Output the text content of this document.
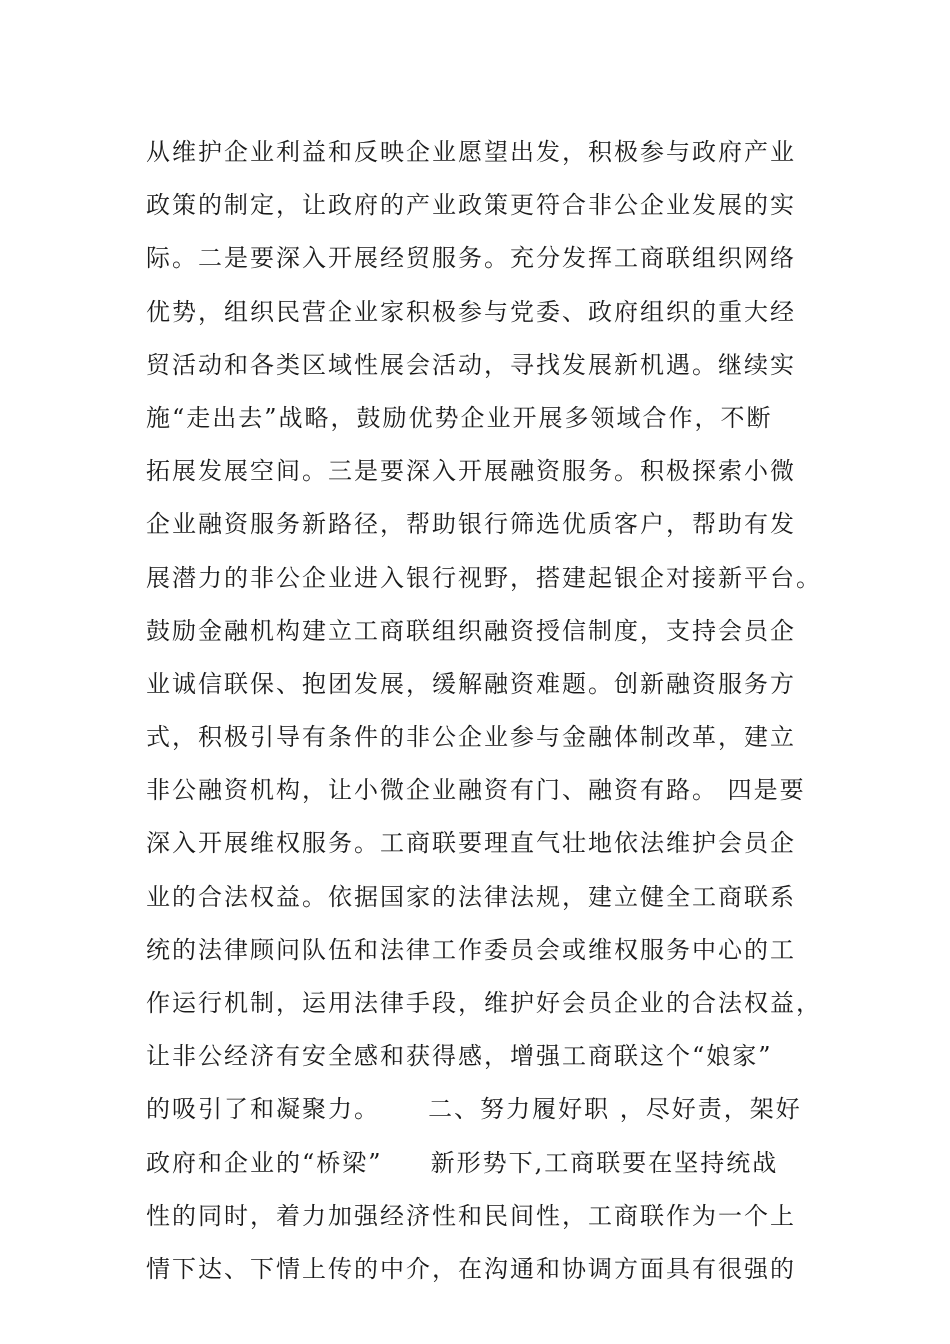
从维护企业利益和反映企业愿望出发，积极参与政府产业
政策的制定，让政府的产业政策更符合非公企业发展的实
际。二是要深入开展经贸服务。充分发挥工商联组织网络
优势，组织民营企业家积极参与党委、政府组织的重大经
贸活动和各类区域性展会活动，寻找发展新机遇。继续实
施“走出去”战略，鼓励优势企业开展多领域合作，不断
拓展发展空间。三是要深入开展融资服务。积极探索小微
企业融资服务新路径，帮助银行筛选优质客户，帮助有发
展潜力的非公企业进入银行视野，搭建起银企对接新平台。
鼓励金融机构建立工商联组织融资授信制度，支持会员企
业诚信联保、抱团发展，缓解融资难题。创新融资服务方
式，积极引导有条件的非公企业参与金融体制改革，建立
非公融资机构，让小微企业融资有门、融资有路。 四是要
深入开展维权服务。工商联要理直气壮地依法维护会员企
业的合法权益。依据国家的法律法规，建立健全工商联系
统的法律顾问队伍和法律工作委员会或维权服务中心的工
作运行机制，运用法律手段，维护好会员企业的合法权益，
让非公经济有安全感和获得感，增强工商联这个“娘家”
的吸引了和凝聚力。     二、努力履好职 ，尽好责，架好
政府和企业的“桥梁”     新形势下,工商联要在坚持统战
性的同时，着力加强经济性和民间性，工商联作为一个上
情下达、下情上传的中介，在沟通和协调方面具有很强的
